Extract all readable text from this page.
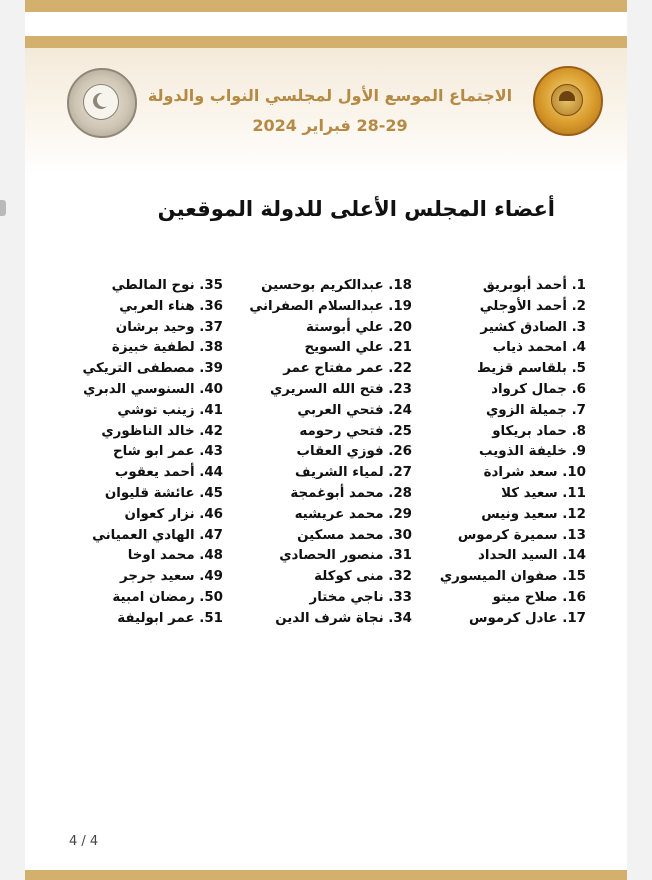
الاجتماع الموسع الأول لمجلسي النواب والدولة
28-29 فبراير 2024
أعضاء المجلس الأعلى للدولة الموقعين
1. أحمد أبوبريق
2. أحمد الأوجلي
3. الصادق كشير
4. امحمد ذياب
5. بلقاسم قزيط
6. جمال كرواد
7. جميلة الزوي
8. حماد بريكاو
9. خليفة الذويب
10. سعد شرادة
11. سعيد كلا
12. سعيد ونيس
13. سميرة كرموس
14. السيد الحداد
15. صفوان الميسوري
16. صلاح ميتو
17. عادل كرموس
18. عبدالكريم بوحسين
19. عبدالسلام الصفراني
20. علي أبوستة
21. علي السويح
22. عمر مفتاح عمر
23. فتح الله السريري
24. فتحي العربي
25. فتحي رحومه
26. فوزي العقاب
27. لمياء الشريف
28. محمد أبوغمجة
29. محمد عريشيه
30. محمد مسكين
31. منصور الحصادي
32. منى كوكلة
33. ناجي مختار
34. نجاة شرف الدين
35. نوح المالطي
36. هناء العربي
37. وحيد برشان
38. لطفية خبيزة
39. مصطفى التريكي
40. السنوسي الدبري
41. زينب توشي
42. خالد الناظوري
43. عمر ابو شاح
44. أحمد يعقوب
45. عائشة قليوان
46. نزار كعوان
47. الهادي العمياني
48. محمد اوخا
49. سعيد جرجر
50. رمضان امبية
51. عمر ابوليفة
4 / 4
